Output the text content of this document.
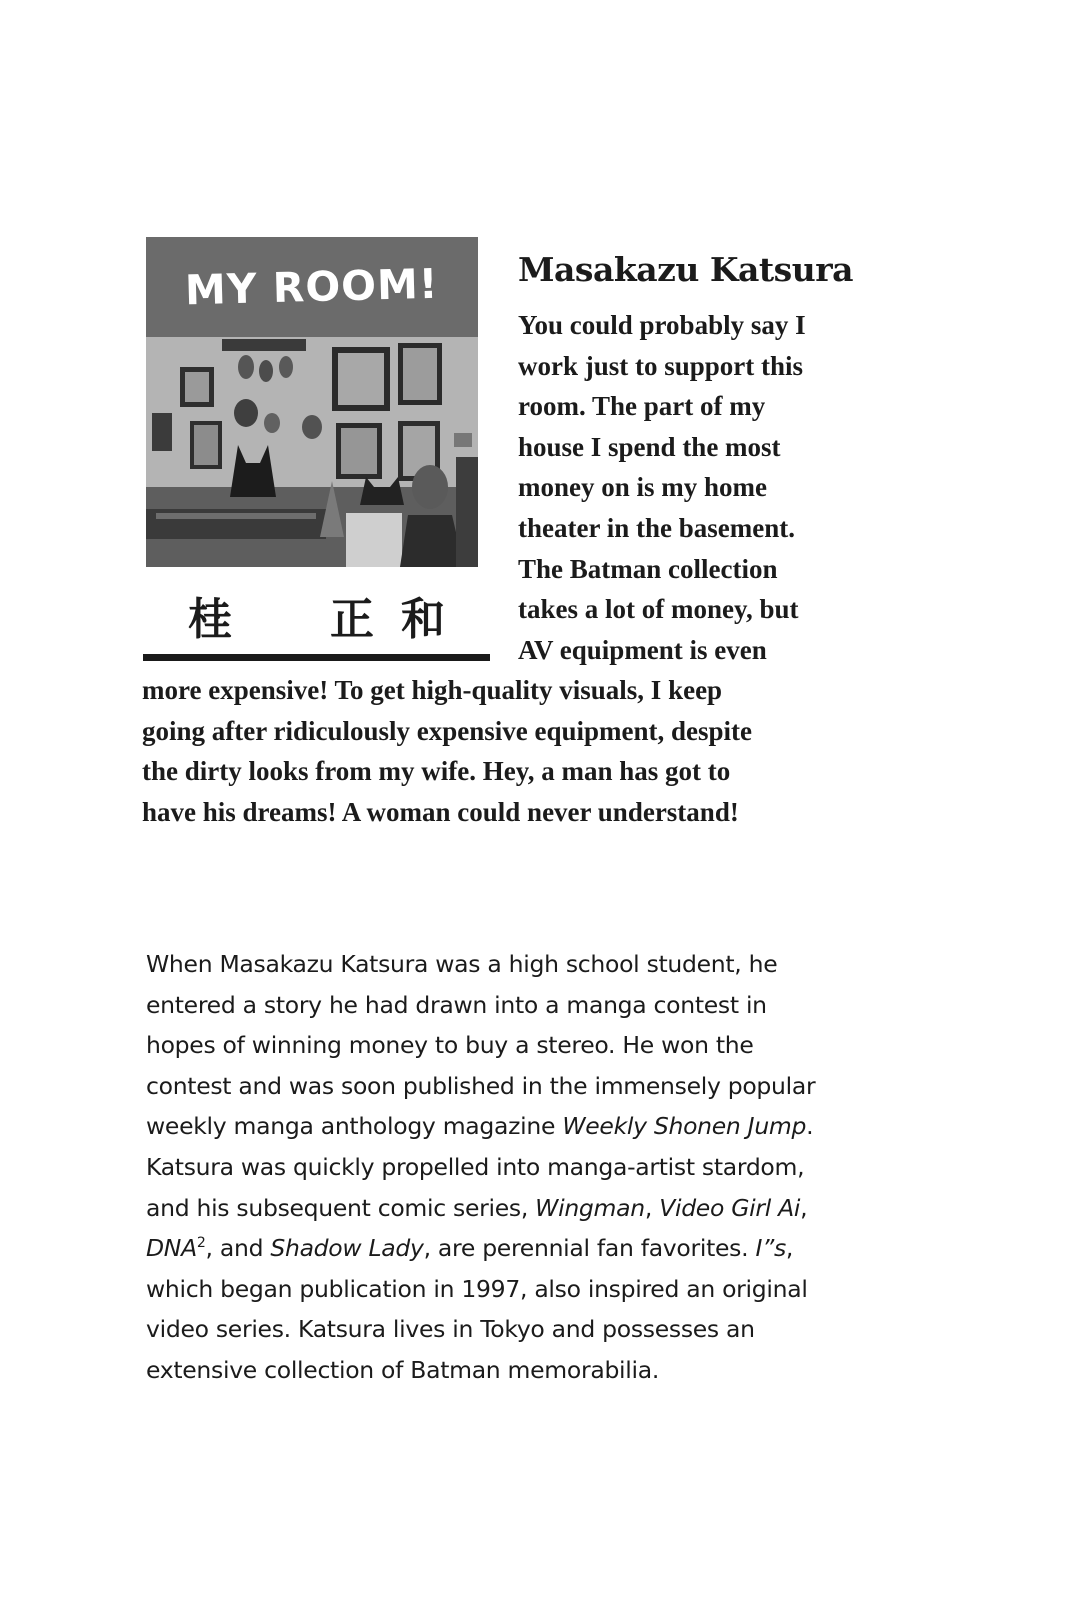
MY ROOM!

桂 正 和

Masakazu Katsura
You could probably say I
work just to support this
room. The part of my
house I spend the most
money on is my home
theater in the basement.
The Batman collection
takes a lot of money, but
AV equipment is even
more expensive! To get high-quality visuals, I keep
going after ridiculously expensive equipment, despite
the dirty looks from my wife. Hey, a man has got to
have his dreams! A woman could never understand!
When Masakazu Katsura was a high school student, he
entered a story he had drawn into a manga contest in
hopes of winning money to buy a stereo. He won the
contest and was soon published in the immensely popular
weekly manga anthology magazine Weekly Shonen Jump.
Katsura was quickly propelled into manga-artist stardom,
and his subsequent comic series, Wingman, Video Girl Ai,
DNA$^2$, and Shadow Lady, are perennial fan favorites. I”s,
which began publication in 1997, also inspired an original
video series. Katsura lives in Tokyo and possesses an
extensive collection of Batman memorabilia.
